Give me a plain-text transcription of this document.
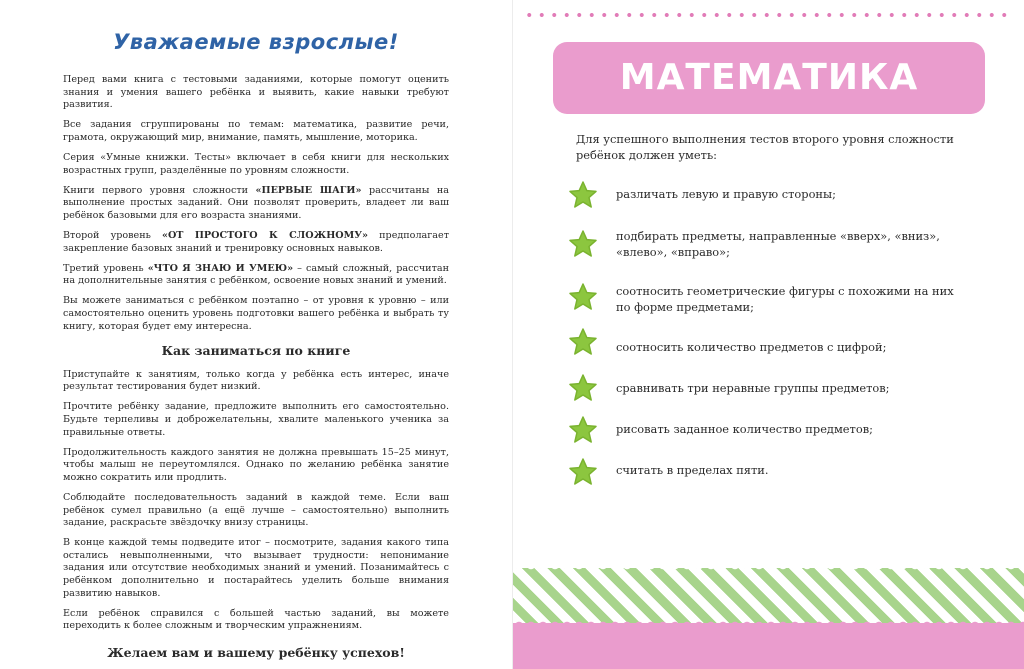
Уважаемые взрослые!

Перед вами книга с тестовыми заданиями, которые помогут оценить знания и умения вашего ребёнка и выявить, какие навыки требуют развития.

Все задания сгруппированы по темам: математика, развитие речи, грамота, окружающий мир, внимание, память, мышление, моторика.

Серия «Умные книжки. Тесты» включает в себя книги для нескольких возрастных групп, разделённые по уровням сложности.

Книги первого уровня сложности «ПЕРВЫЕ ШАГИ» рассчитаны на выполнение простых заданий. Они позволят проверить, владеет ли ваш ребёнок базовыми для его возраста знаниями.

Второй уровень «ОТ ПРОСТОГО К СЛОЖНОМУ» предполагает закрепление базовых знаний и тренировку основных навыков.

Третий уровень «ЧТО Я ЗНАЮ И УМЕЮ» – самый сложный, рассчитан на дополнительные занятия с ребёнком, освоение новых знаний и умений.

Вы можете заниматься с ребёнком поэтапно – от уровня к уровню – или самостоятельно оценить уровень подготовки вашего ребёнка и выбрать ту книгу, которая будет ему интересна.

Как заниматься по книге

Приступайте к занятиям, только когда у ребёнка есть интерес, иначе результат тестирования будет низкий.

Прочтите ребёнку задание, предложите выполнить его самостоятельно. Будьте терпеливы и доброжелательны, хвалите маленького ученика за правильные ответы.

Продолжительность каждого занятия не должна превышать 15–25 минут, чтобы малыш не переутомлялся. Однако по желанию ребёнка занятие можно сократить или продлить.

Соблюдайте последовательность заданий в каждой теме. Если ваш ребёнок сумел правильно (а ещё лучше – самостоятельно) выполнить задание, раскрасьте звёздочку внизу страницы.

В конце каждой темы подведите итог – посмотрите, задания какого типа остались невыполненными, что вызывает трудности: непонимание задания или отсутствие необходимых знаний и умений. Позанимайтесь с ребёнком дополнительно и постарайтесь уделить больше внимания развитию навыков.

Если ребёнок справился с большей частью заданий, вы можете переходить к более сложным и творческим упражнениям.

Желаем вам и вашему ребёнку успехов!
МАТЕМАТИКА
Для успешного выполнения тестов второго уровня сложности ребёнок должен уметь:
различать левую и правую стороны;
подбирать предметы, направленные «вверх», «вниз», «влево», «вправо»;
соотносить геометрические фигуры с похожими на них по форме предметами;
соотносить количество предметов с цифрой;
сравнивать три неравные группы предметов;
рисовать заданное количество предметов;
считать в пределах пяти.
